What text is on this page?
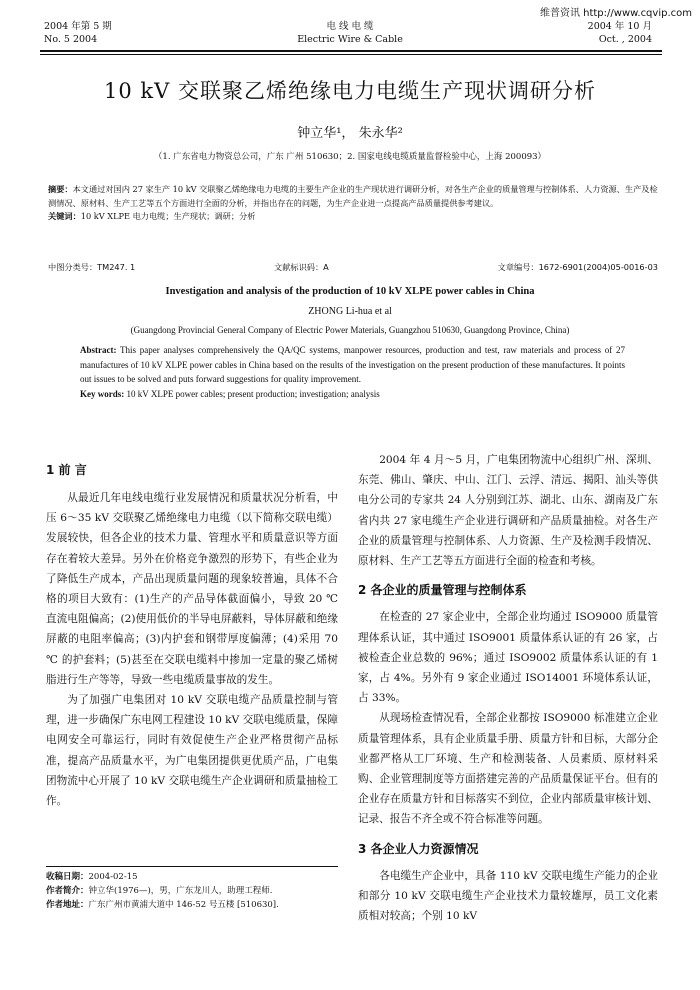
维普资讯 http://www.cqvip.com
2004 年第 5 期
No. 5 2004
电 线 电 缆
Electric Wire & Cable
2004 年 10 月
Oct. , 2004
10 kV 交联聚乙烯绝缘电力电缆生产现状调研分析
钟立华¹， 朱永华²
（1. 广东省电力物资总公司，广东 广州 510630；2. 国家电线电缆质量监督检验中心，上海 200093）
摘要：本文通过对国内 27 家生产 10 kV 交联聚乙烯绝缘电力电缆的主要生产企业的生产现状进行调研分析，对各生产企业的质量管理与控制体系、人力资源、生产及检测情况、原材料、生产工艺等五个方面进行全面的分析，并指出存在的问题，为生产企业进一点提高产品质量提供参考建议。
关键词：10 kV XLPE 电力电缆；生产现状；调研；分析
中图分类号：TM247. 1	文献标识码：A	文章编号：1672-6901(2004)05-0016-03
Investigation and analysis of the production of 10 kV XLPE power cables in China
ZHONG Li-hua et al
(Guangdong Provincial General Company of Electric Power Materials, Guangzhou 510630, Guangdong Province, China)
Abstract: This paper analyses comprehensively the QA/QC systems, manpower resources, production and test, raw materials and process of 27 manufactures of 10 kV XLPE power cables in China based on the results of the investigation on the present production of these manufactures. It points out issues to be solved and puts forward suggestions for quality improvement.
Key words: 10 kV XLPE power cables; present production; investigation; analysis
1 前 言

从最近几年电线电缆行业发展情况和质量状况分析看，中压 6～35 kV 交联聚乙烯绝缘电力电缆（以下简称交联电缆）发展较快，但各企业的技术力量、管理水平和质量意识等方面存在着较大差异。另外在价格竞争激烈的形势下，有些企业为了降低生产成本，产品出现质量问题的现象较普遍，具体不合格的项目大致有：(1)生产的产品导体截面偏小，导致 20 ℃ 直流电阻偏高；(2)使用低价的半导电屏蔽料，导体屏蔽和绝缘屏蔽的电阻率偏高；(3)内护套和钢带厚度偏薄；(4)采用 70 ℃ 的护套料；(5)甚至在交联电缆料中掺加一定量的聚乙烯树脂进行生产等等，导致一些电缆质量事故的发生。

为了加强广电集团对 10 kV 交联电缆产品质量控制与管理，进一步确保广东电网工程建设 10 kV 交联电缆质量，保障电网安全可靠运行，同时有效促使生产企业严格贯彻产品标准，提高产品质量水平，为广电集团提供更优质产品，广电集团物流中心开展了 10 kV 交联电缆生产企业调研和质量抽检工作。

收稿日期：2004-02-15
作者简介：钟立华(1976—)，男，广东龙川人，助理工程师.
作者地址：广东广州市黄浦大道中 146-52 号五楼 [510630].

2004 年 4 月～5 月，广电集团物流中心组织广州、深圳、东莞、佛山、肇庆、中山、江门、云浮、清远、揭阳、汕头等供电分公司的专家共 24 人分别到江苏、湖北、山东、湖南及广东省内共 27 家电缆生产企业进行调研和产品质量抽检。对各生产企业的质量管理与控制体系、人力资源、生产及检测手段情况、原材料、生产工艺等五方面进行全面的检查和考核。

2 各企业的质量管理与控制体系

在检查的 27 家企业中，全部企业均通过 ISO9000 质量管理体系认证，其中通过 ISO9001 质量体系认证的有 26 家，占被检查企业总数的 96%；通过 ISO9002 质量体系认证的有 1 家，占 4%。另外有 9 家企业通过 ISO14001 环境体系认证，占 33%。

从现场检查情况看，全部企业都按 ISO9000 标准建立企业质量管理体系，具有企业质量手册、质量方针和目标，大部分企业都严格从工厂环境、生产和检测装备、人员素质、原材料采购、企业管理制度等方面搭建完善的产品质量保证平台。但有的企业存在质量方针和目标落实不到位，企业内部质量审核计划、记录、报告不齐全或不符合标准等问题。

3 各企业人力资源情况

各电缆生产企业中，具备 110 kV 交联电缆生产能力的企业和部分 10 kV 交联电缆生产企业技术力量较雄厚，员工文化素质相对较高；个别 10 kV
